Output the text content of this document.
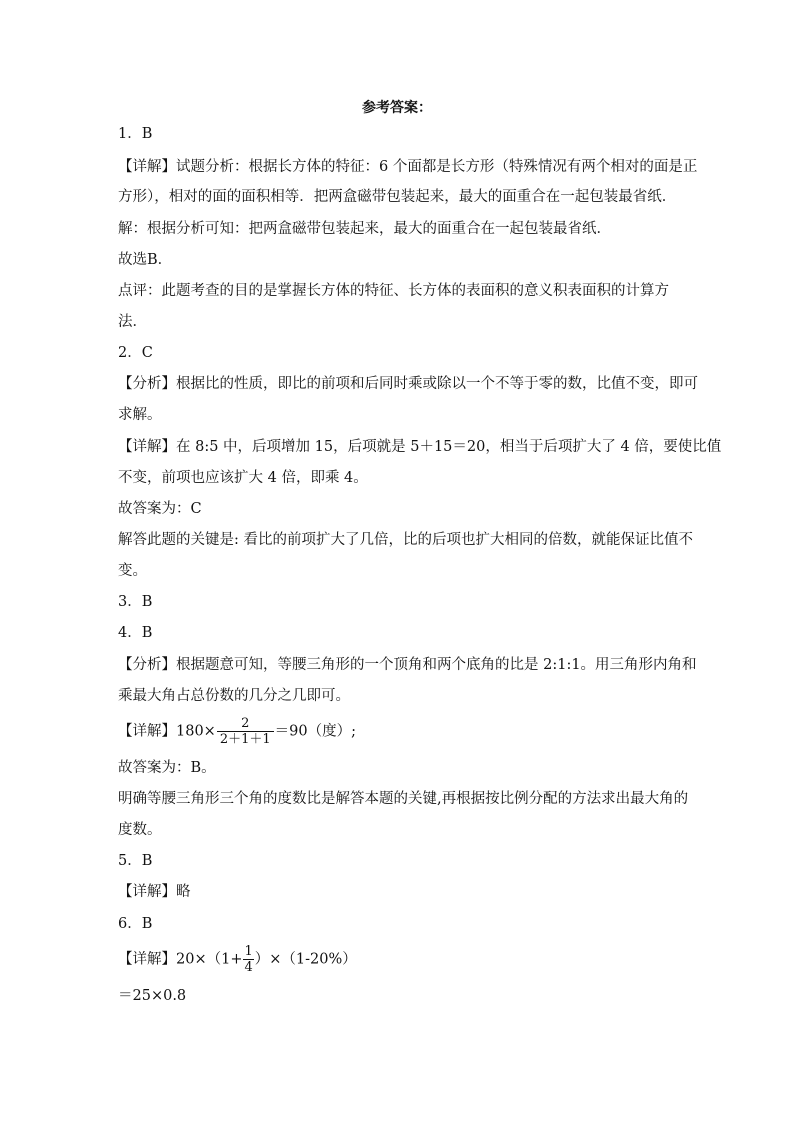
参考答案：
1．B
【详解】试题分析：根据长方体的特征：6 个面都是长方形（特殊情况有两个相对的面是正
方形），相对的面的面积相等．把两盒磁带包装起来，最大的面重合在一起包装最省纸．
解：根据分析可知：把两盒磁带包装起来，最大的面重合在一起包装最省纸．
故选B．
点评：此题考查的目的是掌握长方体的特征、长方体的表面积的意义积表面积的计算方
法．
2．C
【分析】根据比的性质，即比的前项和后同时乘或除以一个不等于零的数，比值不变，即可
求解。
【详解】在 8:5 中，后项增加 15，后项就是 5＋15＝20，相当于后项扩大了 4 倍，要使比值
不变，前项也应该扩大 4 倍，即乘 4。
故答案为：C
解答此题的关键是: 看比的前项扩大了几倍，比的后项也扩大相同的倍数，就能保证比值不
变。
3．B
4．B
【分析】根据题意可知，等腰三角形的一个顶角和两个底角的比是 2:1:1。用三角形内角和
乘最大角占总份数的几分之几即可。
【详解】$180\times \frac{2}{2+1+1} =90$（度）;
故答案为：B。
明确等腰三角形三个角的度数比是解答本题的关键,再根据按比例分配的方法求出最大角的
度数。
5．B
【详解】略
6．B
【详解】$20\times(1+ \frac{1}{4} )\times(1-20\%)$
＝25×0.8
